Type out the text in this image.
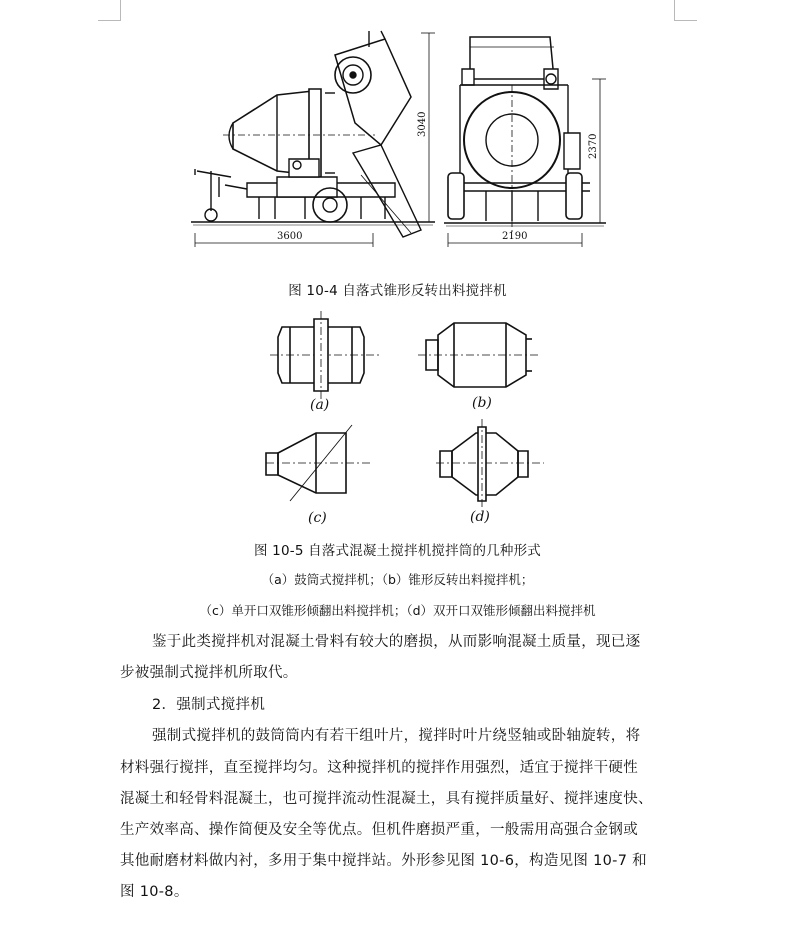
3600
3040
2190
2370
图 10-4 自落式锥形反转出料搅拌机
(a)	(b)
(c)	(d)
图 10-5 自落式混凝土搅拌机搅拌筒的几种形式
（a）鼓筒式搅拌机；（b）锥形反转出料搅拌机；
（c）单开口双锥形倾翻出料搅拌机；（d）双开口双锥形倾翻出料搅拌机
鉴于此类搅拌机对混凝土骨料有较大的磨损，从而影响混凝土质量，现已逐
步被强制式搅拌机所取代。
2．强制式搅拌机
强制式搅拌机的鼓筒筒内有若干组叶片，搅拌时叶片绕竖轴或卧轴旋转，将
材料强行搅拌，直至搅拌均匀。这种搅拌机的搅拌作用强烈，适宜于搅拌干硬性
混凝土和轻骨料混凝土，也可搅拌流动性混凝土，具有搅拌质量好、搅拌速度快、
生产效率高、操作简便及安全等优点。但机件磨损严重，一般需用高强合金钢或
其他耐磨材料做内衬，多用于集中搅拌站。外形参见图 10-6，构造见图 10-7 和
图 10-8。
